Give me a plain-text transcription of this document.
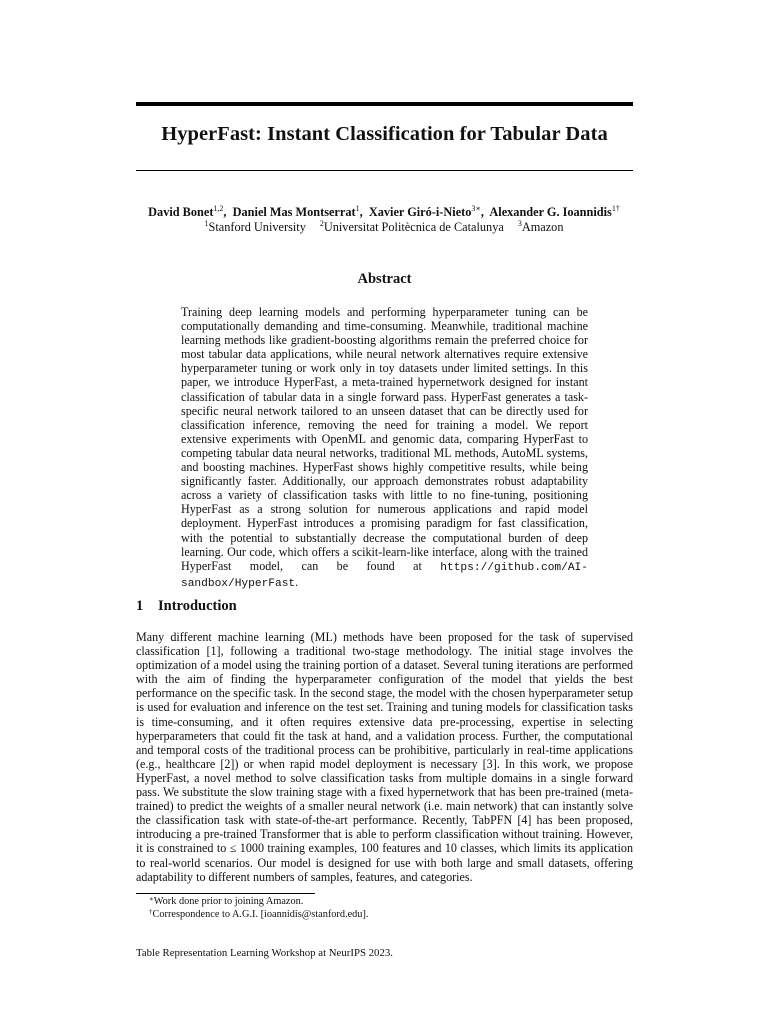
HyperFast: Instant Classification for Tabular Data
David Bonet$^{1,2}$,  Daniel Mas Montserrat$^1$,  Xavier Giró-i-Nieto$^{3∗}$,  Alexander G. Ioannidis$^{1\dagger}$
$^1$Stanford University $^2$Universitat Politècnica de Catalunya $^3$Amazon
Abstract
Training deep learning models and performing hyperparameter tuning can be computationally demanding and time-consuming. Meanwhile, traditional machine learning methods like gradient-boosting algorithms remain the preferred choice for most tabular data applications, while neural network alternatives require extensive hyperparameter tuning or work only in toy datasets under limited settings. In this paper, we introduce HyperFast, a meta-trained hypernetwork designed for instant classification of tabular data in a single forward pass. HyperFast generates a task-specific neural network tailored to an unseen dataset that can be directly used for classification inference, removing the need for training a model. We report extensive experiments with OpenML and genomic data, comparing HyperFast to competing tabular data neural networks, traditional ML methods, AutoML systems, and boosting machines. HyperFast shows highly competitive results, while being significantly faster. Additionally, our approach demonstrates robust adaptability across a variety of classification tasks with little to no fine-tuning, positioning HyperFast as a strong solution for numerous applications and rapid model deployment. HyperFast introduces a promising paradigm for fast classification, with the potential to substantially decrease the computational burden of deep learning. Our code, which offers a scikit-learn-like interface, along with the trained HyperFast model, can be found at https://github.com/AI-sandbox/HyperFast.
1 Introduction
Many different machine learning (ML) methods have been proposed for the task of supervised classification [1], following a traditional two-stage methodology. The initial stage involves the optimization of a model using the training portion of a dataset. Several tuning iterations are performed with the aim of finding the hyperparameter configuration of the model that yields the best performance on the specific task. In the second stage, the model with the chosen hyperparameter setup is used for evaluation and inference on the test set. Training and tuning models for classification tasks is time-consuming, and it often requires extensive data pre-processing, expertise in selecting hyperparameters that could fit the task at hand, and a validation process. Further, the computational and temporal costs of the traditional process can be prohibitive, particularly in real-time applications (e.g., healthcare [2]) or when rapid model deployment is necessary [3]. In this work, we propose HyperFast, a novel method to solve classification tasks from multiple domains in a single forward pass. We substitute the slow training stage with a fixed hypernetwork that has been pre-trained (meta-trained) to predict the weights of a smaller neural network (i.e. main network) that can instantly solve the classification task with state-of-the-art performance. Recently, TabPFN [4] has been proposed, introducing a pre-trained Transformer that is able to perform classification without training. However, it is constrained to ≤ 1000 training examples, 100 features and 10 classes, which limits its application to real-world scenarios. Our model is designed for use with both large and small datasets, offering adaptability to different numbers of samples, features, and categories.
∗Work done prior to joining Amazon.
†Correspondence to A.G.I. [ioannidis@stanford.edu].
Table Representation Learning Workshop at NeurIPS 2023.
